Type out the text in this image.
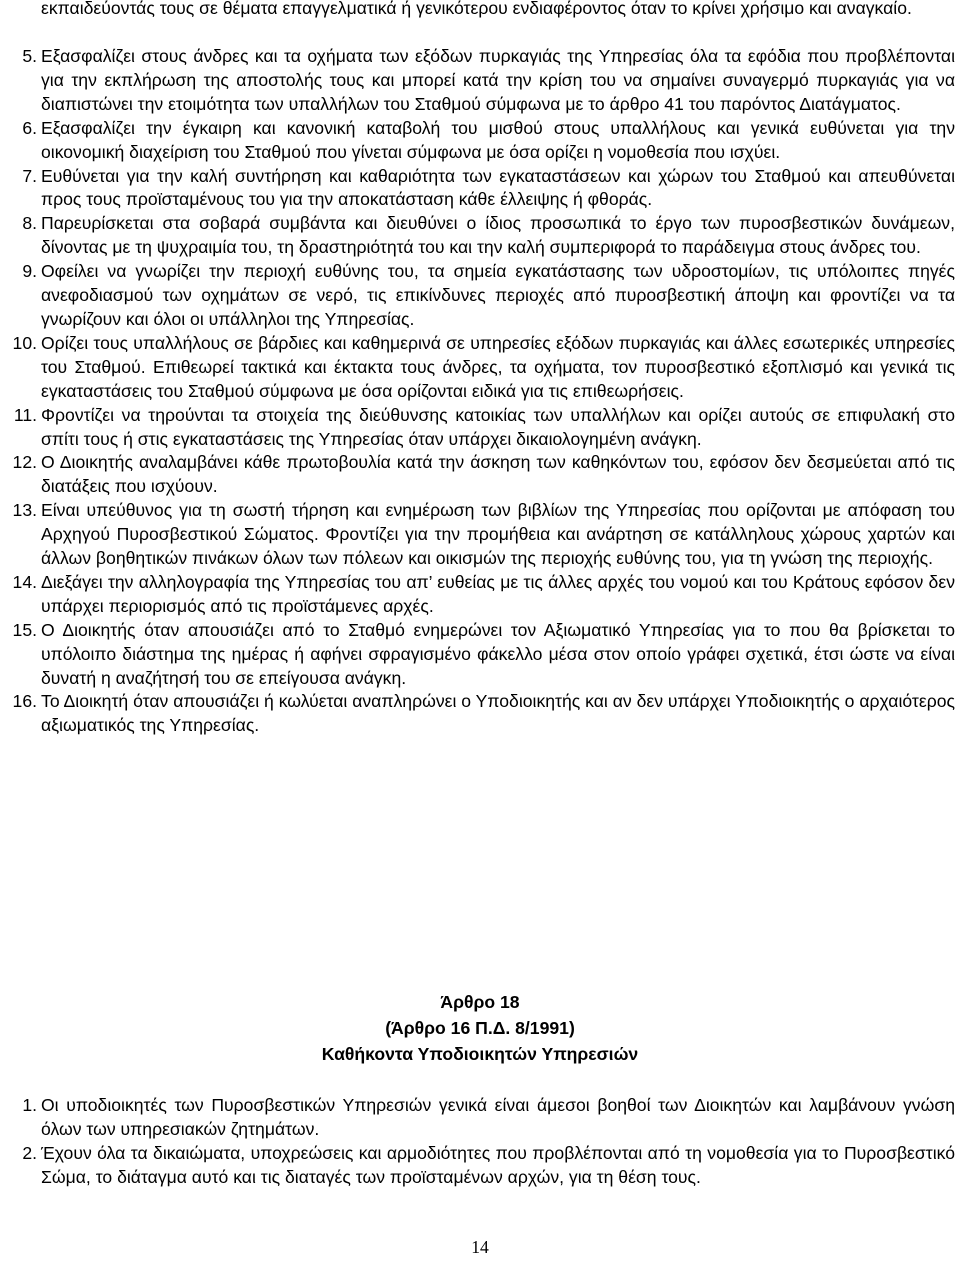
εκπαιδεύοντάς τους σε θέματα επαγγελματικά ή γενικότερου ενδιαφέροντος όταν το κρίνει χρήσιμο και αναγκαίο.

5. Εξασφαλίζει στους άνδρες και τα οχήματα των εξόδων πυρκαγιάς της Υπηρεσίας όλα τα εφόδια που προβλέπονται για την εκπλήρωση της αποστολής τους και μπορεί κατά την κρίση του να σημαίνει συναγερμό πυρκαγιάς για να διαπιστώνει την ετοιμότητα των υπαλλήλων του Σταθμού σύμφωνα με το άρθρο 41 του παρόντος Διατάγματος.
6. Εξασφαλίζει την έγκαιρη και κανονική καταβολή του μισθού στους υπαλλήλους και γενικά ευθύνεται για την οικονομική διαχείριση του Σταθμού που γίνεται σύμφωνα με όσα ορίζει η νομοθεσία που ισχύει.
7. Ευθύνεται για την καλή συντήρηση και καθαριότητα των εγκαταστάσεων και χώρων του Σταθμού και απευθύνεται προς τους προϊσταμένους του για την αποκατάσταση κάθε έλλειψης ή φθοράς.
8. Παρευρίσκεται στα σοβαρά συμβάντα και διευθύνει ο ίδιος προσωπικά το έργο των πυροσβεστικών δυνάμεων, δίνοντας με τη ψυχραιμία του, τη δραστηριότητά του και την καλή συμπεριφορά το παράδειγμα στους άνδρες του.
9. Οφείλει να γνωρίζει την περιοχή ευθύνης του, τα σημεία εγκατάστασης των υδροστομίων, τις υπόλοιπες πηγές ανεφοδιασμού των οχημάτων σε νερό, τις επικίνδυνες περιοχές από πυροσβεστική άποψη και φροντίζει να τα γνωρίζουν και όλοι οι υπάλληλοι της Υπηρεσίας.
10. Ορίζει τους υπαλλήλους σε βάρδιες και καθημερινά σε υπηρεσίες εξόδων πυρκαγιάς και άλλες εσωτερικές υπηρεσίες του Σταθμού. Επιθεωρεί τακτικά και έκτακτα τους άνδρες, τα οχήματα, τον πυροσβεστικό εξοπλισμό και γενικά τις εγκαταστάσεις του Σταθμού σύμφωνα με όσα ορίζονται ειδικά για τις επιθεωρήσεις.
11. Φροντίζει να τηρούνται τα στοιχεία της διεύθυνσης κατοικίας των υπαλλήλων και ορίζει αυτούς σε επιφυλακή στο σπίτι τους ή στις εγκαταστάσεις της Υπηρεσίας όταν υπάρχει δικαιολογημένη ανάγκη.
12. Ο Διοικητής αναλαμβάνει κάθε πρωτοβουλία κατά την άσκηση των καθηκόντων του, εφόσον δεν δεσμεύεται από τις διατάξεις που ισχύουν.
13. Είναι υπεύθυνος για τη σωστή τήρηση και ενημέρωση των βιβλίων της Υπηρεσίας που ορίζονται με απόφαση του Αρχηγού Πυροσβεστικού Σώματος. Φροντίζει για την προμήθεια και ανάρτηση σε κατάλληλους χώρους χαρτών και άλλων βοηθητικών πινάκων όλων των πόλεων και οικισμών της περιοχής ευθύνης του, για τη γνώση της περιοχής.
14. Διεξάγει την αλληλογραφία της Υπηρεσίας του απ’ ευθείας με τις άλλες αρχές του νομού και του Κράτους εφόσον δεν υπάρχει περιορισμός από τις προϊστάμενες αρχές.
15. Ο Διοικητής όταν απουσιάζει από το Σταθμό ενημερώνει τον Αξιωματικό Υπηρεσίας για το που θα βρίσκεται το υπόλοιπο διάστημα της ημέρας ή αφήνει σφραγισμένο φάκελλο μέσα στον οποίο γράφει σχετικά, έτσι ώστε να είναι δυνατή η αναζήτησή του σε επείγουσα ανάγκη.
16. Το Διοικητή όταν απουσιάζει ή κωλύεται αναπληρώνει ο Υποδιοικητής και αν δεν υπάρχει Υποδιοικητής ο αρχαιότερος αξιωματικός της Υπηρεσίας.
Άρθρο 18
(Άρθρο 16 Π.Δ. 8/1991)
Καθήκοντα Υποδιοικητών Υπηρεσιών
1. Οι υποδιοικητές των Πυροσβεστικών Υπηρεσιών γενικά είναι άμεσοι βοηθοί των Διοικητών και λαμβάνουν γνώση όλων των υπηρεσιακών ζητημάτων.
2. Έχουν όλα τα δικαιώματα, υποχρεώσεις και αρμοδιότητες που προβλέπονται από τη νομοθεσία για το Πυροσβεστικό Σώμα, το διάταγμα αυτό και τις διαταγές των προϊσταμένων αρχών, για τη θέση τους.
14
